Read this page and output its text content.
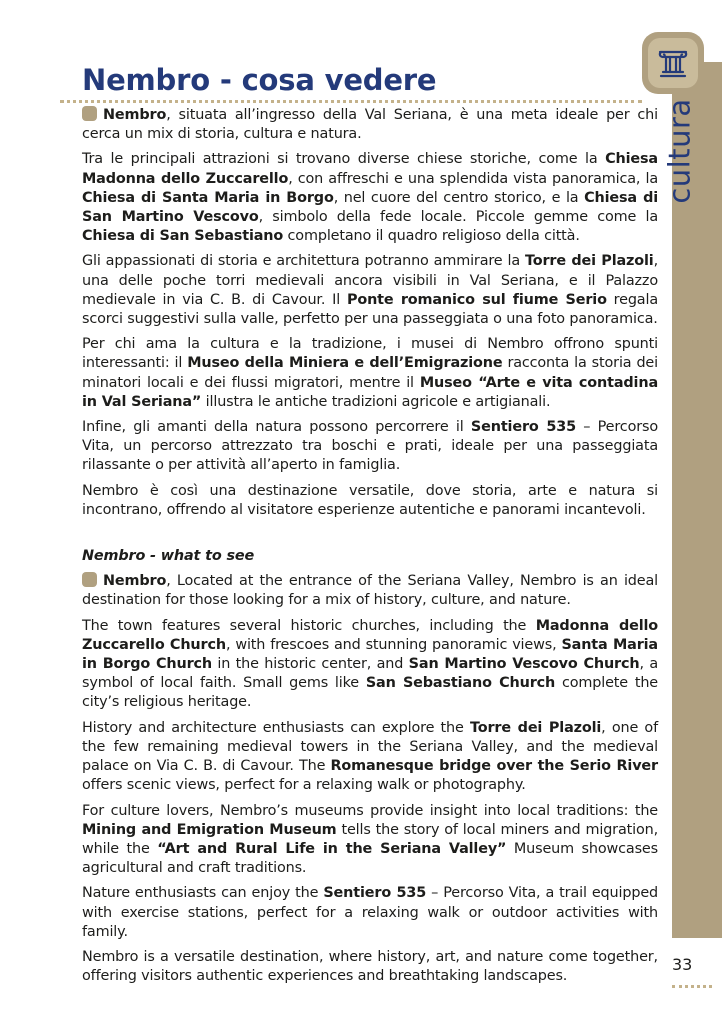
Nembro - cosa vedere
cultura

Nembro, situata all’ingresso della Val Seriana, è una meta ideale per chi cerca un mix di storia, cultura e natura.

Tra le principali attrazioni si trovano diverse chiese storiche, come la Chiesa Madonna dello Zuccarello, con affreschi e una splendida vista panoramica, la Chiesa di Santa Maria in Borgo, nel cuore del centro storico, e la Chiesa di San Martino Vescovo, simbolo della fede locale. Piccole gemme come la Chiesa di San Sebastiano completano il quadro religioso della città.

Gli appassionati di storia e architettura potranno ammirare la Torre dei Plazoli, una delle poche torri medievali ancora visibili in Val Seriana, e il Palazzo medievale in via C. B. di Cavour. Il Ponte romanico sul fiume Serio regala scorci suggestivi sulla valle, perfetto per una passeggiata o una foto panoramica.

Per chi ama la cultura e la tradizione, i musei di Nembro offrono spunti interessanti: il Museo della Miniera e dell’Emigrazione racconta la storia dei minatori locali e dei flussi migratori, mentre il Museo “Arte e vita contadina in Val Seriana” illustra le antiche tradizioni agricole e artigianali.

Infine, gli amanti della natura possono percorrere il Sentiero 535 – Percorso Vita, un percorso attrezzato tra boschi e prati, ideale per una passeggiata rilassante o per attività all’aperto in famiglia.

Nembro è così una destinazione versatile, dove storia, arte e natura si incontrano, offrendo al visitatore esperienze autentiche e panorami incantevoli.

Nembro - what to see

Nembro, Located at the entrance of the Seriana Valley, Nembro is an ideal destination for those looking for a mix of history, culture, and nature.

The town features several historic churches, including the Madonna dello Zuccarello Church, with frescoes and stunning panoramic views, Santa Maria in Borgo Church in the historic center, and San Martino Vescovo Church, a symbol of local faith. Small gems like San Sebastiano Church complete the city’s religious heritage.

History and architecture enthusiasts can explore the Torre dei Plazoli, one of the few remaining medieval towers in the Seriana Valley, and the medieval palace on Via C. B. di Cavour. The Romanesque bridge over the Serio River offers scenic views, perfect for a relaxing walk or photography.

For culture lovers, Nembro’s museums provide insight into local traditions: the Mining and Emigration Museum tells the story of local miners and migration, while the “Art and Rural Life in the Seriana Valley” Museum showcases agricultural and craft traditions.

Nature enthusiasts can enjoy the Sentiero 535 – Percorso Vita, a trail equipped with exercise stations, perfect for a relaxing walk or outdoor activities with family.

Nembro is a versatile destination, where history, art, and nature come together, offering visitors authentic experiences and breathtaking landscapes.

33
